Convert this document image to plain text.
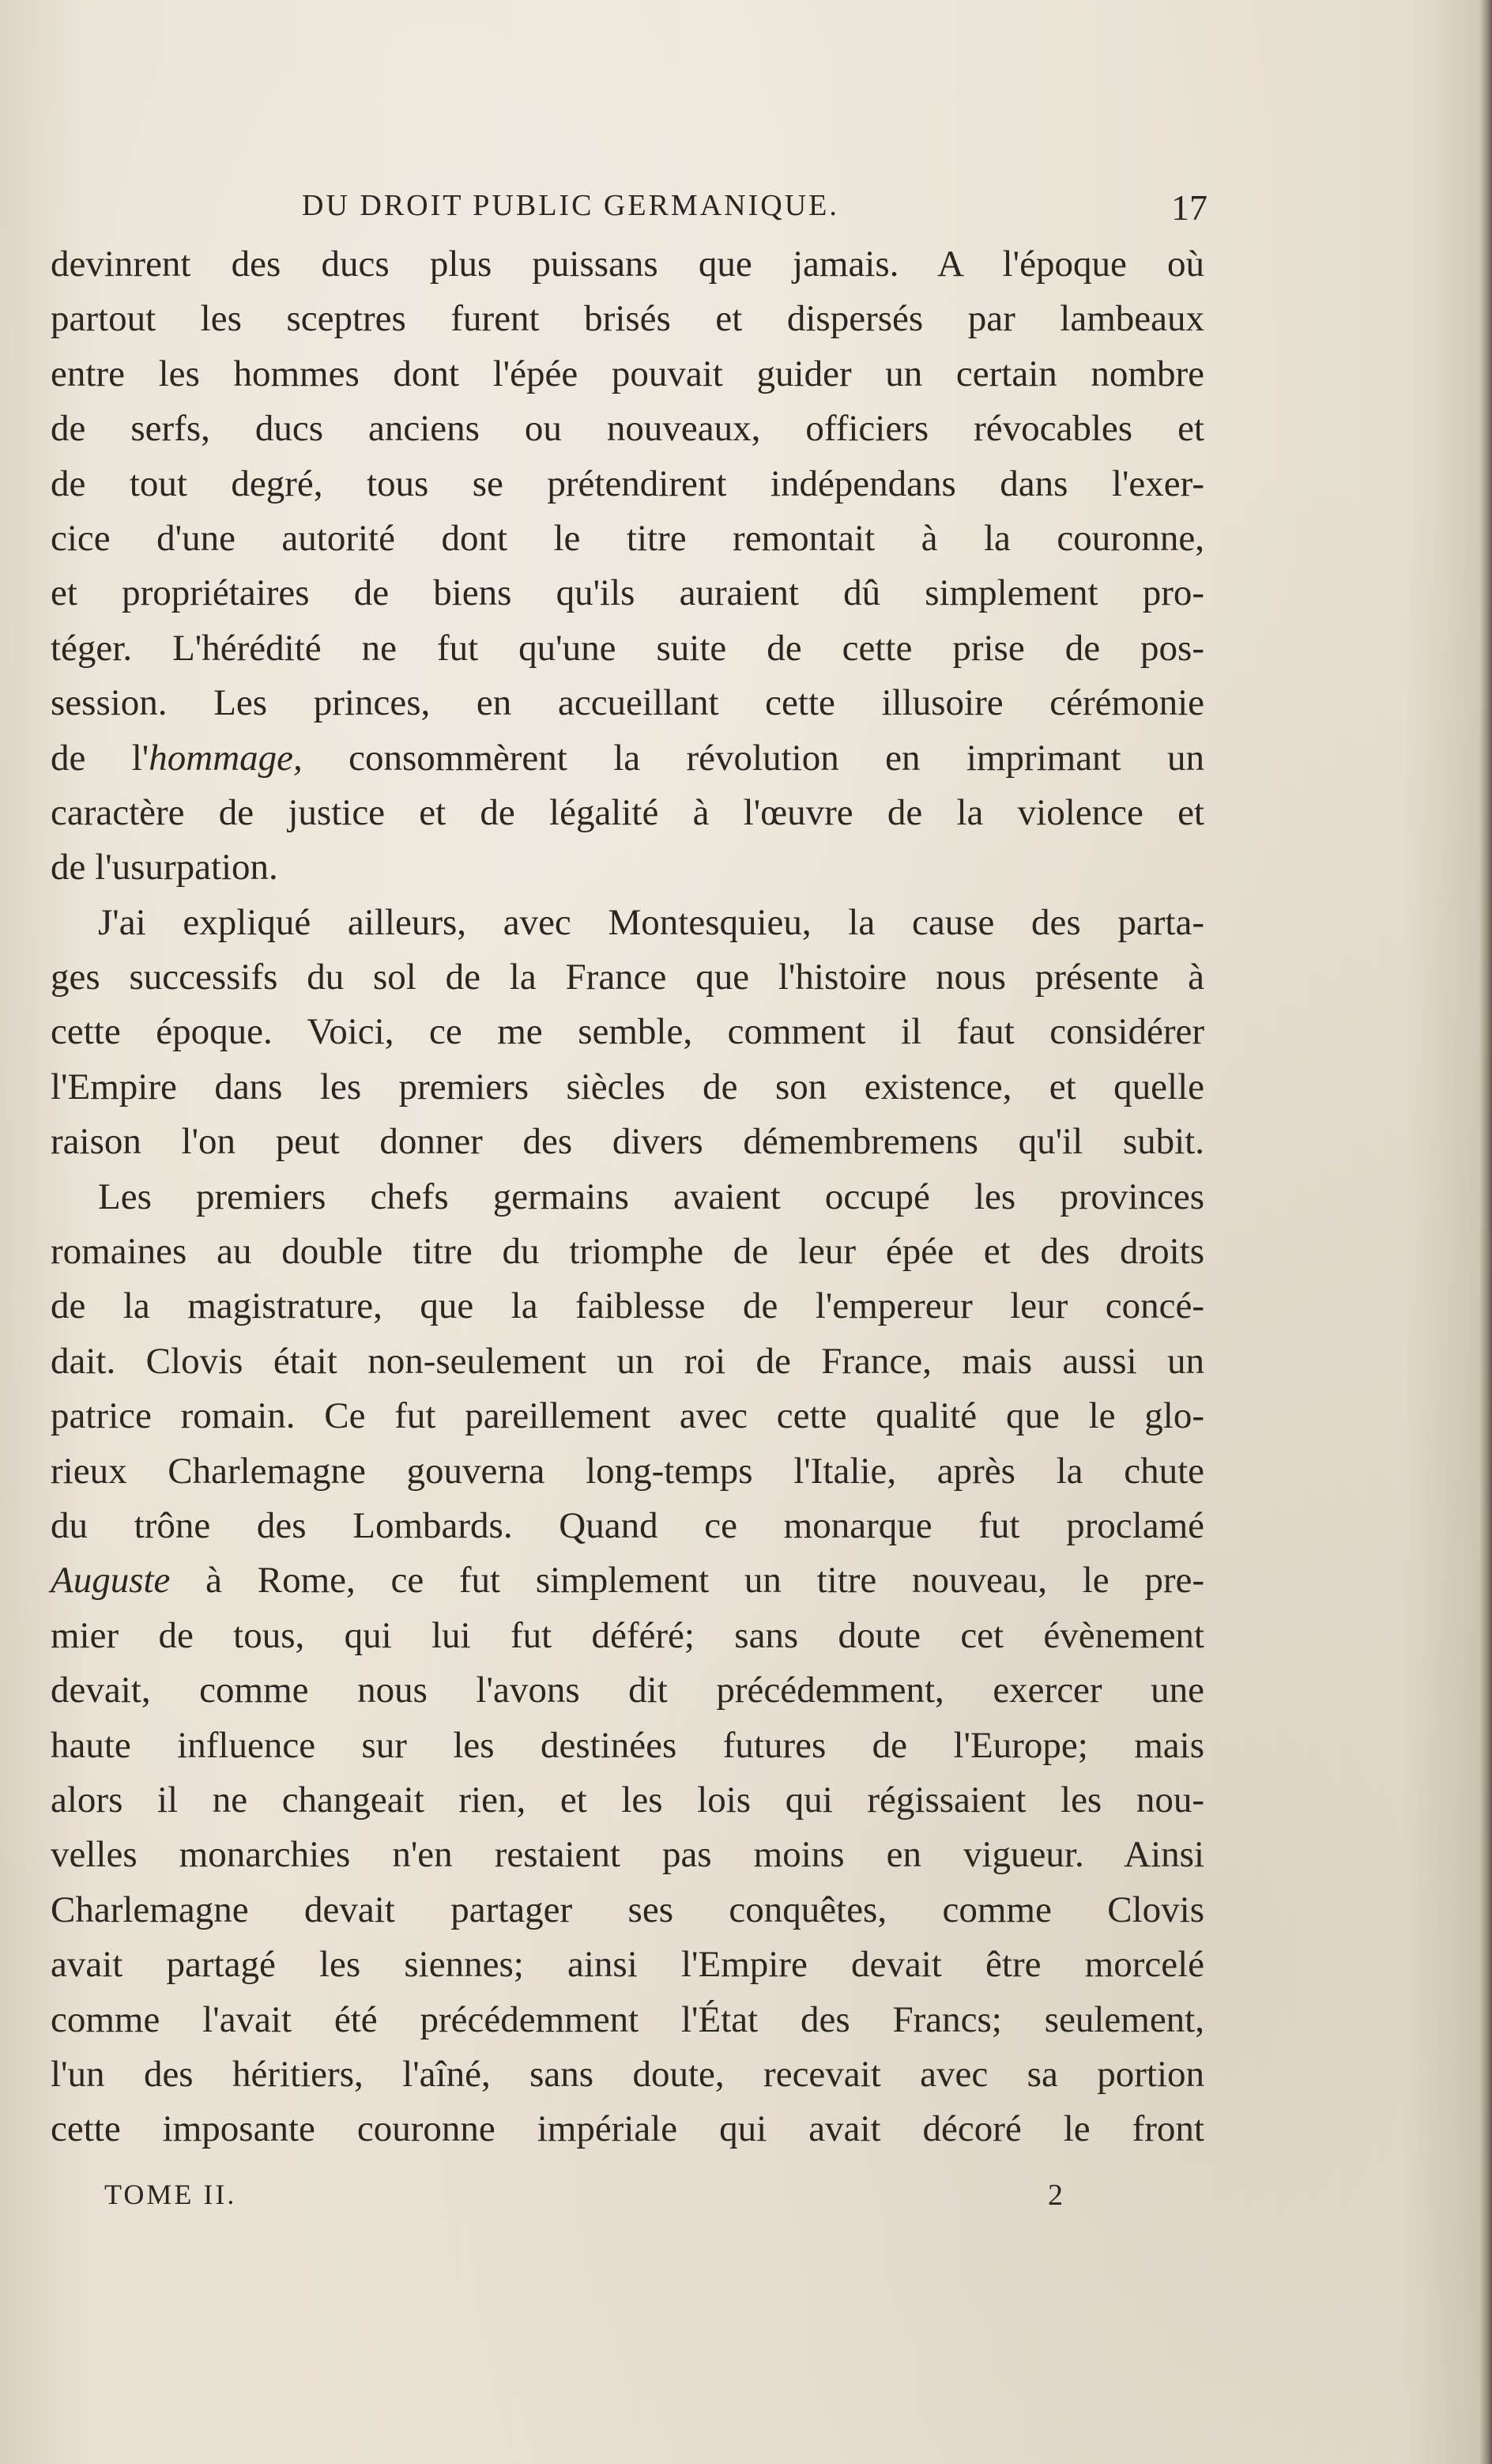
DU DROIT PUBLIC GERMANIQUE.	17
devinrent des ducs plus puissans que jamais. A l'époque où
partout les sceptres furent brisés et dispersés par lambeaux
entre les hommes dont l'épée pouvait guider un certain nombre
de serfs, ducs anciens ou nouveaux, officiers révocables et
de tout degré, tous se prétendirent indépendans dans l'exer-
cice d'une autorité dont le titre remontait à la couronne,
et propriétaires de biens qu'ils auraient dû simplement pro-
téger. L'hérédité ne fut qu'une suite de cette prise de pos-
session. Les princes, en accueillant cette illusoire cérémonie
de l'hommage, consommèrent la révolution en imprimant un
caractère de justice et de légalité à l'œuvre de la violence et
de l'usurpation.
J'ai expliqué ailleurs, avec Montesquieu, la cause des parta-
ges successifs du sol de la France que l'histoire nous présente à
cette époque. Voici, ce me semble, comment il faut considérer
l'Empire dans les premiers siècles de son existence, et quelle
raison l'on peut donner des divers démembremens qu'il subit.
Les premiers chefs germains avaient occupé les provinces
romaines au double titre du triomphe de leur épée et des droits
de la magistrature, que la faiblesse de l'empereur leur concé-
dait. Clovis était non-seulement un roi de France, mais aussi un
patrice romain. Ce fut pareillement avec cette qualité que le glo-
rieux Charlemagne gouverna long-temps l'Italie, après la chute
du trône des Lombards. Quand ce monarque fut proclamé
Auguste à Rome, ce fut simplement un titre nouveau, le pre-
mier de tous, qui lui fut déféré; sans doute cet évènement
devait, comme nous l'avons dit précédemment, exercer une
haute influence sur les destinées futures de l'Europe; mais
alors il ne changeait rien, et les lois qui régissaient les nou-
velles monarchies n'en restaient pas moins en vigueur. Ainsi
Charlemagne devait partager ses conquêtes, comme Clovis
avait partagé les siennes; ainsi l'Empire devait être morcelé
comme l'avait été précédemment l'État des Francs; seulement,
l'un des héritiers, l'aîné, sans doute, recevait avec sa portion
cette imposante couronne impériale qui avait décoré le front
TOME II.	2
